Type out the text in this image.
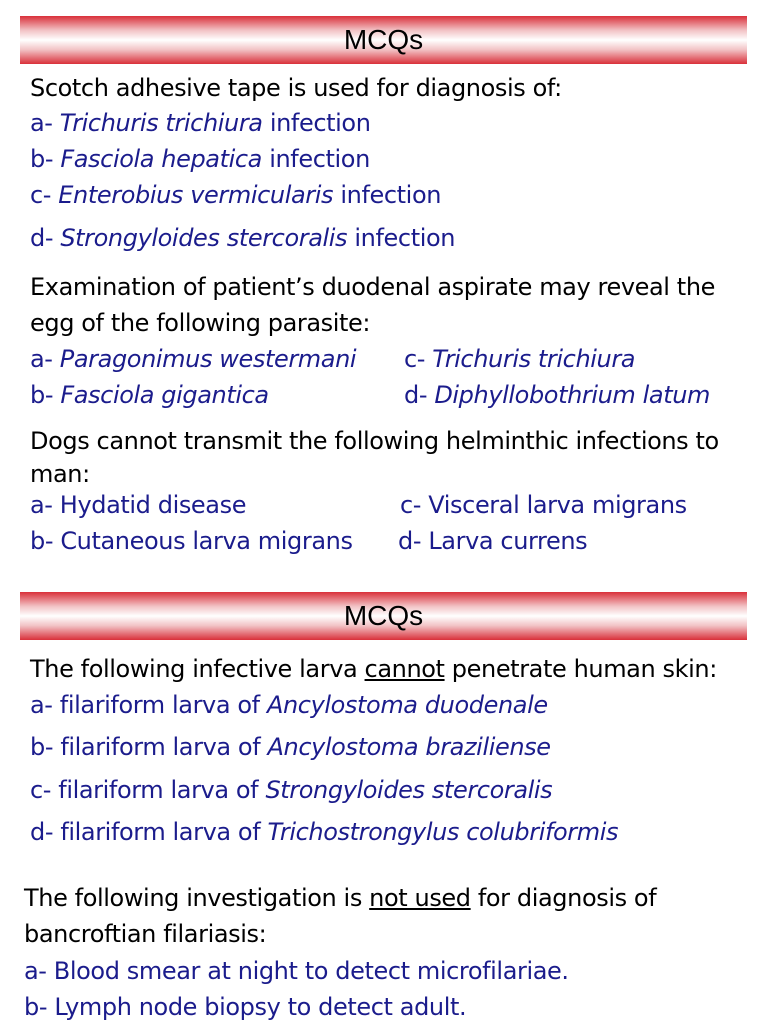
MCQs
Scotch adhesive tape is used for diagnosis of:
a- Trichuris trichiura infection
b- Fasciola hepatica infection
c- Enterobius vermicularis infection
d- Strongyloides stercoralis infection
Examination of patient’s duodenal aspirate may reveal the egg of the following parasite:
a- Paragonimus westermani c- Trichuris trichiura
b- Fasciola gigantica	d- Diphyllobothrium latum
Dogs cannot transmit the following helminthic infections to man:
a- Hydatid disease	c- Visceral larva migrans
b- Cutaneous larva migrans d- Larva currens
MCQs
The following infective larva cannot penetrate human skin:
a- filariform larva of Ancylostoma duodenale
b- filariform larva of Ancylostoma braziliense
c- filariform larva of Strongyloides stercoralis
d- filariform larva of Trichostrongylus colubriformis
The following investigation is not used for diagnosis of bancroftian filariasis:
a- Blood smear at night to detect microfilariae.
b- Lymph node biopsy to detect adult.
